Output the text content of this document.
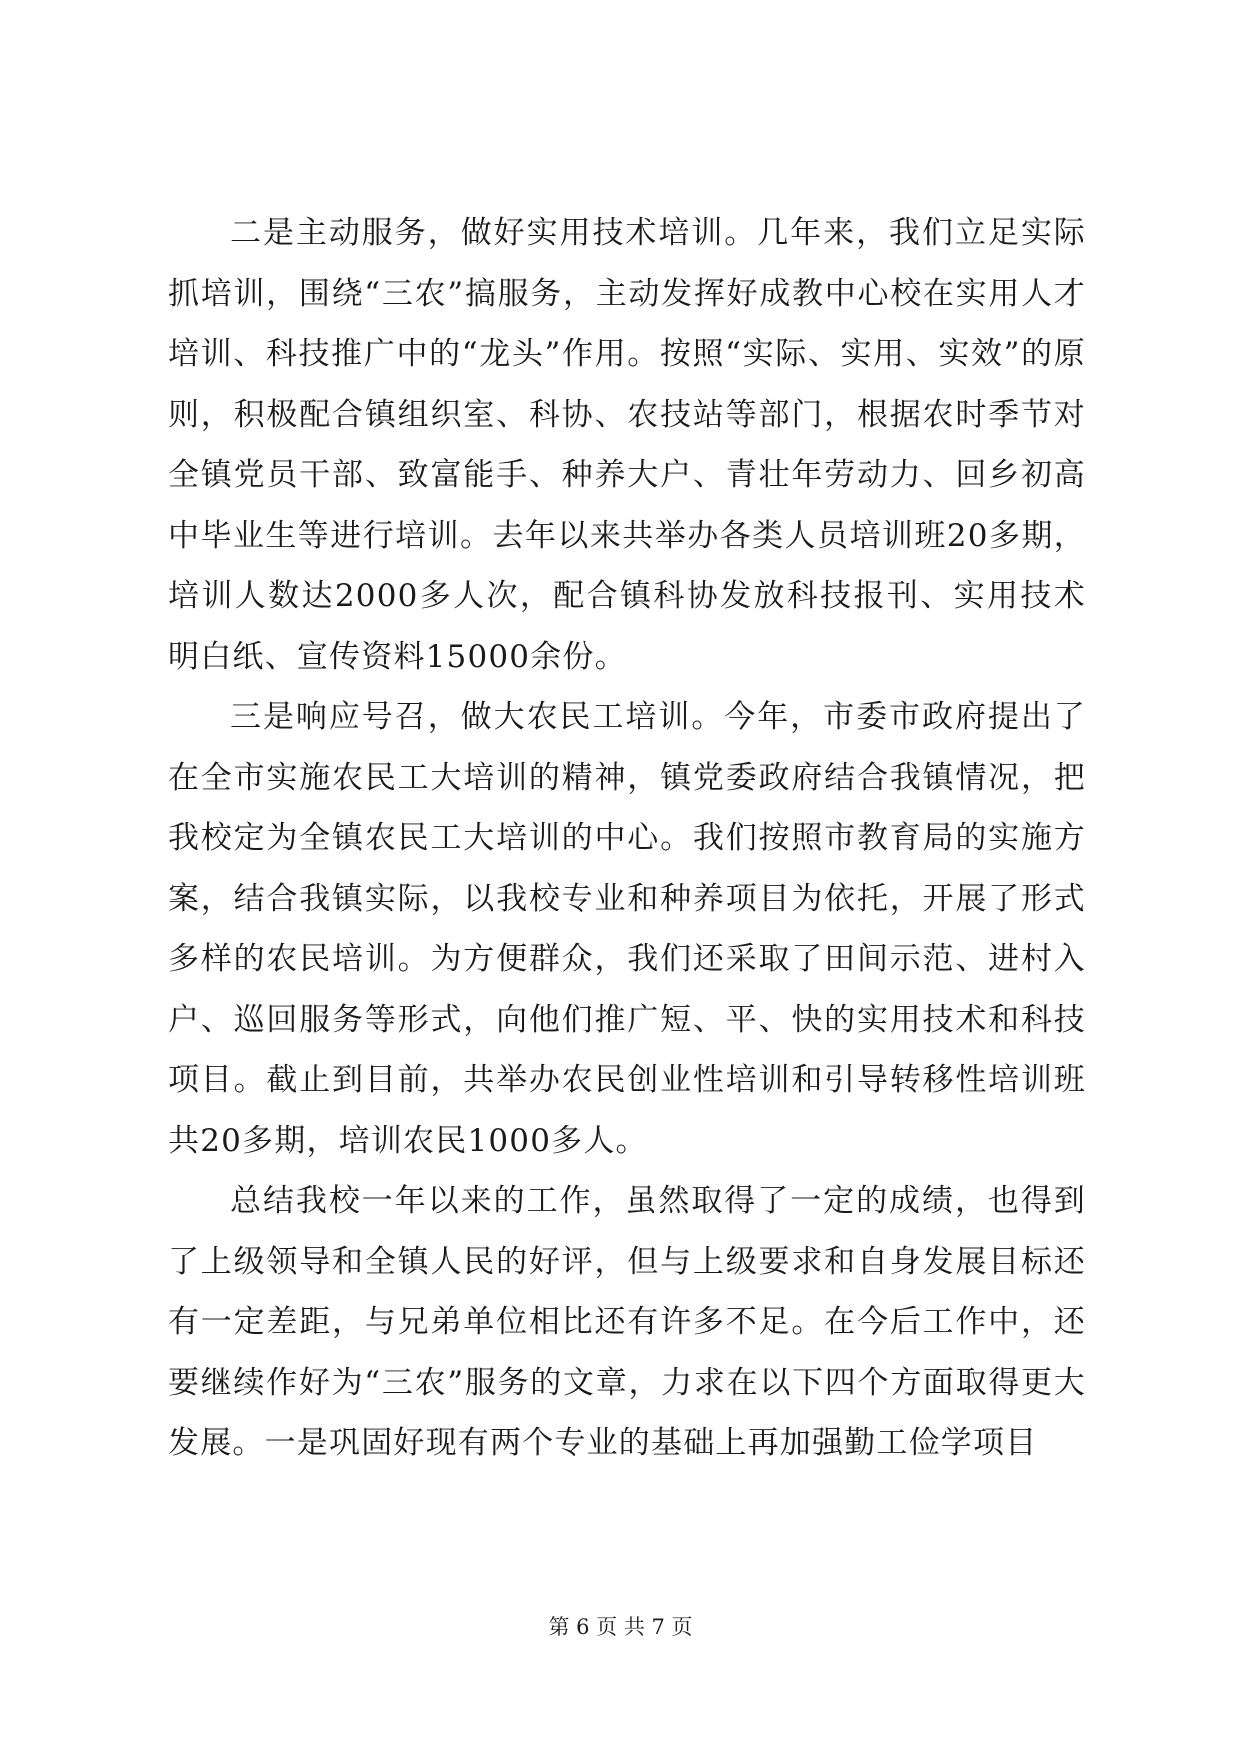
二是主动服务，做好实用技术培训。几年来，我们立足实际抓培训，围绕“三农”搞服务，主动发挥好成教中心校在实用人才培训、科技推广中的“龙头”作用。按照“实际、实用、实效”的原则，积极配合镇组织室、科协、农技站等部门，根据农时季节对全镇党员干部、致富能手、种养大户、青壮年劳动力、回乡初高中毕业生等进行培训。去年以来共举办各类人员培训班20多期，培训人数达2000多人次，配合镇科协发放科技报刊、实用技术明白纸、宣传资料15000余份。

三是响应号召，做大农民工培训。今年，市委市政府提出了在全市实施农民工大培训的精神，镇党委政府结合我镇情况，把我校定为全镇农民工大培训的中心。我们按照市教育局的实施方案，结合我镇实际，以我校专业和种养项目为依托，开展了形式多样的农民培训。为方便群众，我们还采取了田间示范、进村入户、巡回服务等形式，向他们推广短、平、快的实用技术和科技项目。截止到目前，共举办农民创业性培训和引导转移性培训班共20多期，培训农民1000多人。

总结我校一年以来的工作，虽然取得了一定的成绩，也得到了上级领导和全镇人民的好评，但与上级要求和自身发展目标还有一定差距，与兄弟单位相比还有许多不足。在今后工作中，还要继续作好为“三农”服务的文章，力求在以下四个方面取得更大发展。一是巩固好现有两个专业的基础上再加强勤工俭学项目

第 6 页 共 7 页
